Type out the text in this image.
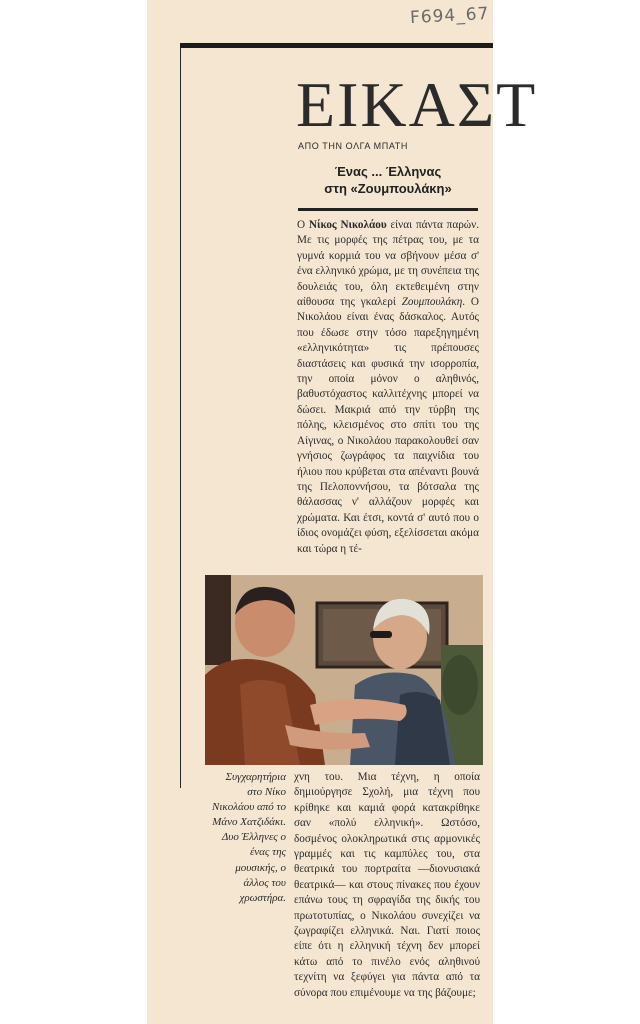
F694_67
ΕΙΚΑΣΤ
ΑΠΟ ΤΗΝ ΟΛΓΑ ΜΠΑΤΗ
Ένας ... Έλληνας
στη «Ζουμπουλάκη»

Ο Νίκος Νικολάου είναι πάντα παρών. Με τις μορφές της πέτρας του, με τα γυμνά κορμιά του να σβήνουν μέσα σ' ένα ελληνικό χρώμα, με τη συνέπεια της δουλειάς του, όλη εκτεθειμένη στην αίθουσα της γκαλερί Ζουμπουλάκη. Ο Νικολάου είναι ένας δάσκαλος. Αυτός που έδωσε στην τόσο παρεξηγημένη «ελληνικότητα» τις πρέπουσες διαστάσεις και φυσικά την ισορροπία, την οποία μόνον ο αληθινός, βαθυστόχαστος καλλιτέχνης μπορεί να δώσει. Μακριά από την τύρβη της πόλης, κλεισμένος στο σπίτι του της Αίγινας, ο Νικολάου παρακολουθεί σαν γνήσιος ζωγράφος τα παιχνίδια του ήλιου που κρύβεται στα απέναντι βουνά της Πελοποννήσου, τα βότσαλα της θάλασσας ν' αλλάζουν μορφές και χρώματα. Και έτσι, κοντά σ' αυτό που ο ίδιος ονομάζει φύση, εξελίσσεται ακόμα και τώρα η τέ-

Συγχαρητήρια στο Νίκο Νικολάου από το Μάνο Χατζιδάκι. Δυο Έλληνες ο ένας της μουσικής, ο άλλος του χρωστήρα.

χνη του. Μια τέχνη, η οποία δημιούργησε Σχολή, μια τέχνη που κρίθηκε και καμιά φορά κατακρίθηκε σαν «πολύ ελληνική». Ωστόσο, δοσμένος ολοκληρωτικά στις αρμονικές γραμμές και τις καμπύλες του, στα θεατρικά του πορτραίτα —διονυσιακά θεατρικά— και στους πίνακες που έχουν επάνω τους τη σφραγίδα της δικής του πρωτοτυπίας, ο Νικολάου συνεχίζει να ζωγραφίζει ελληνικά. Ναι. Γιατί ποιος είπε ότι η ελληνική τέχνη δεν μπορεί κάτω από το πινέλο ενός αληθινού τεχνίτη να ξεφύγει για πάντα από τα σύνορα που επιμένουμε να της βάζουμε;
